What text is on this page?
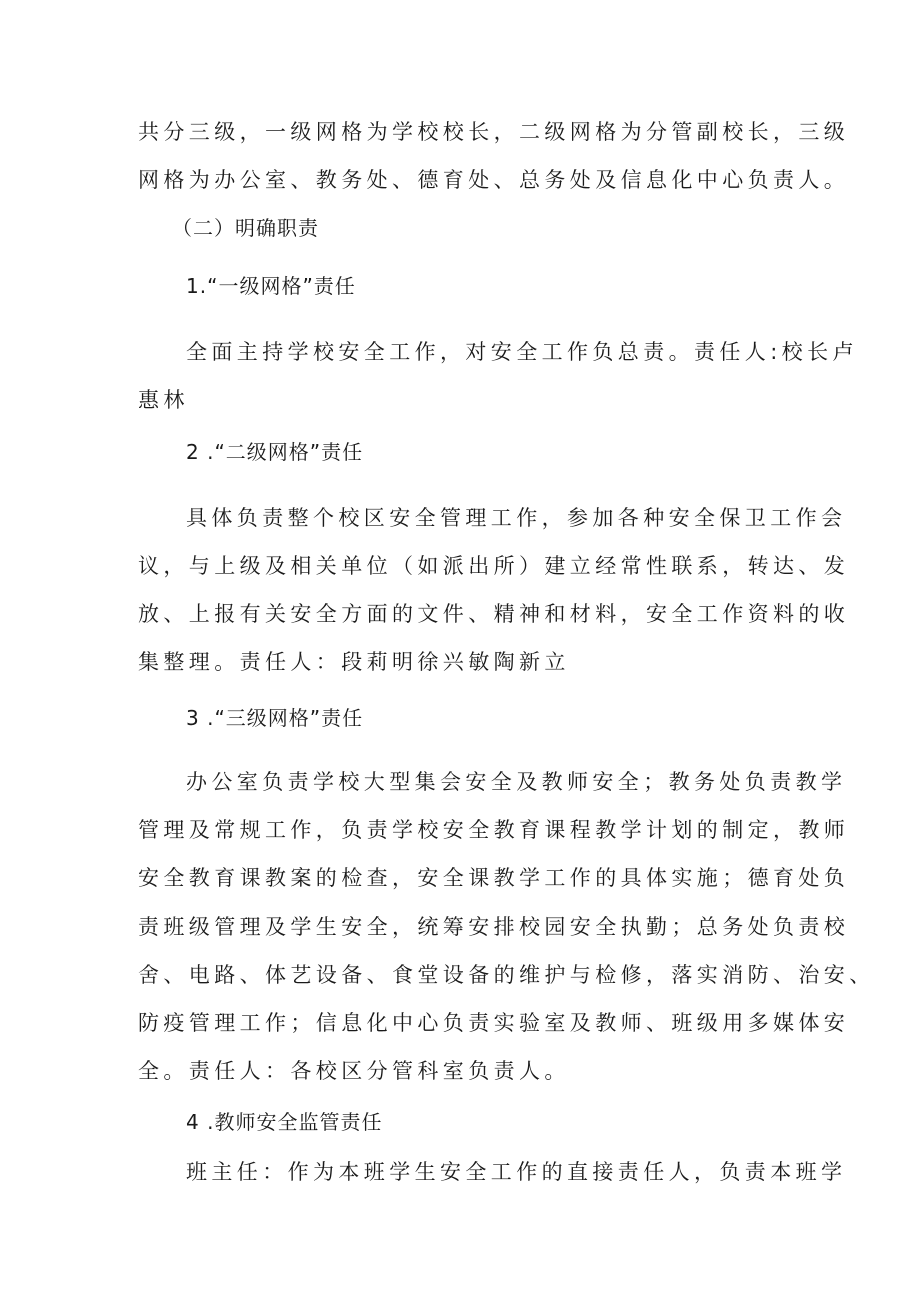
共分三级，一级网格为学校校长，二级网格为分管副校长，三级
网格为办公室、教务处、德育处、总务处及信息化中心负责人。
（二）明确职责
1.“一级网格”责任
全面主持学校安全工作，对安全工作负总责。责任人:校长卢
惠林
2 .“二级网格”责任
具体负责整个校区安全管理工作，参加各种安全保卫工作会
议，与上级及相关单位（如派出所）建立经常性联系，转达、发
放、上报有关安全方面的文件、精神和材料，安全工作资料的收
集整理。责任人：段莉明徐兴敏陶新立
3 .“三级网格”责任
办公室负责学校大型集会安全及教师安全；教务处负责教学
管理及常规工作，负责学校安全教育课程教学计划的制定，教师
安全教育课教案的检查，安全课教学工作的具体实施；德育处负
责班级管理及学生安全，统筹安排校园安全执勤；总务处负责校
舍、电路、体艺设备、食堂设备的维护与检修，落实消防、治安、
防疫管理工作；信息化中心负责实验室及教师、班级用多媒体安
全。责任人：各校区分管科室负责人。
4 .教师安全监管责任
班主任：作为本班学生安全工作的直接责任人，负责本班学
